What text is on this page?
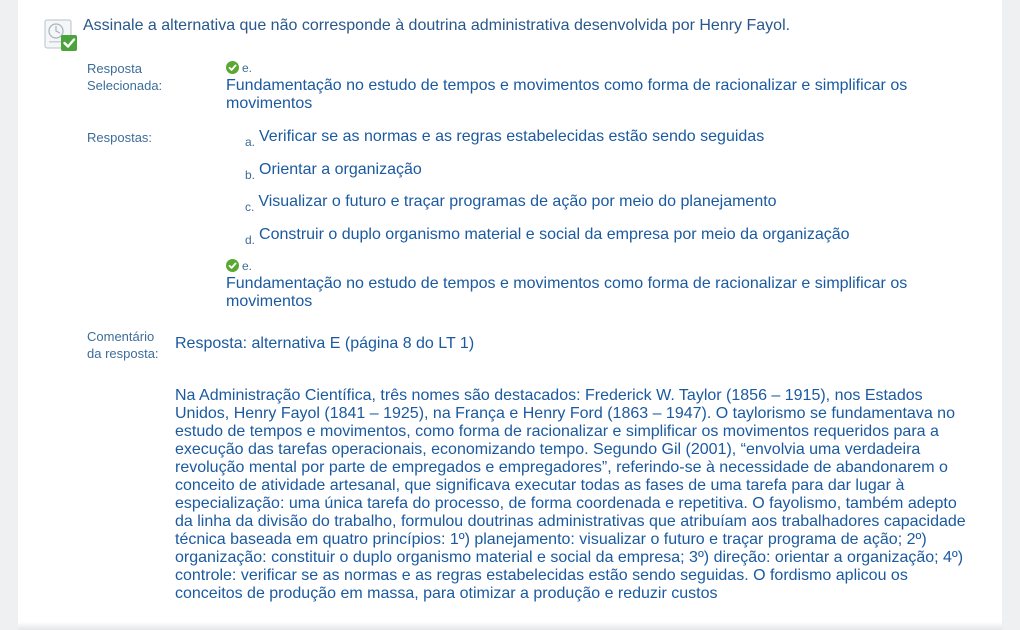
Assinale a alternativa que não corresponde à doutrina administrativa desenvolvida por Henry Fayol.
Resposta
Selecionada:
e.
Fundamentação no estudo de tempos e movimentos como forma de racionalizar e simplificar os
movimentos
Respostas:	$_{a.}$ Verificar se as normas e as regras estabelecidas estão sendo seguidas
$_{b.}$ Orientar a organização
$_{c.}$ Visualizar o futuro e traçar programas de ação por meio do planejamento
$_{d.}$ Construir o duplo organismo material e social da empresa por meio da organização
e.
Fundamentação no estudo de tempos e movimentos como forma de racionalizar e simplificar os
movimentos
Comentário
da resposta:
Resposta: alternativa E (página 8 do LT 1)
Na Administração Científica, três nomes são destacados: Frederick W. Taylor (1856 – 1915), nos Estados
Unidos, Henry Fayol (1841 – 1925), na França e Henry Ford (1863 – 1947). O taylorismo se fundamentava no
estudo de tempos e movimentos, como forma de racionalizar e simplificar os movimentos requeridos para a
execução das tarefas operacionais, economizando tempo. Segundo Gil (2001), “envolvia uma verdadeira
revolução mental por parte de empregados e empregadores”, referindo-se à necessidade de abandonarem o
conceito de atividade artesanal, que significava executar todas as fases de uma tarefa para dar lugar à
especialização: uma única tarefa do processo, de forma coordenada e repetitiva. O fayolismo, também adepto
da linha da divisão do trabalho, formulou doutrinas administrativas que atribuíam aos trabalhadores capacidade
técnica baseada em quatro princípios: 1º) planejamento: visualizar o futuro e traçar programa de ação; 2º)
organização: constituir o duplo organismo material e social da empresa; 3º) direção: orientar a organização; 4º)
controle: verificar se as normas e as regras estabelecidas estão sendo seguidas. O fordismo aplicou os
conceitos de produção em massa, para otimizar a produção e reduzir custos
